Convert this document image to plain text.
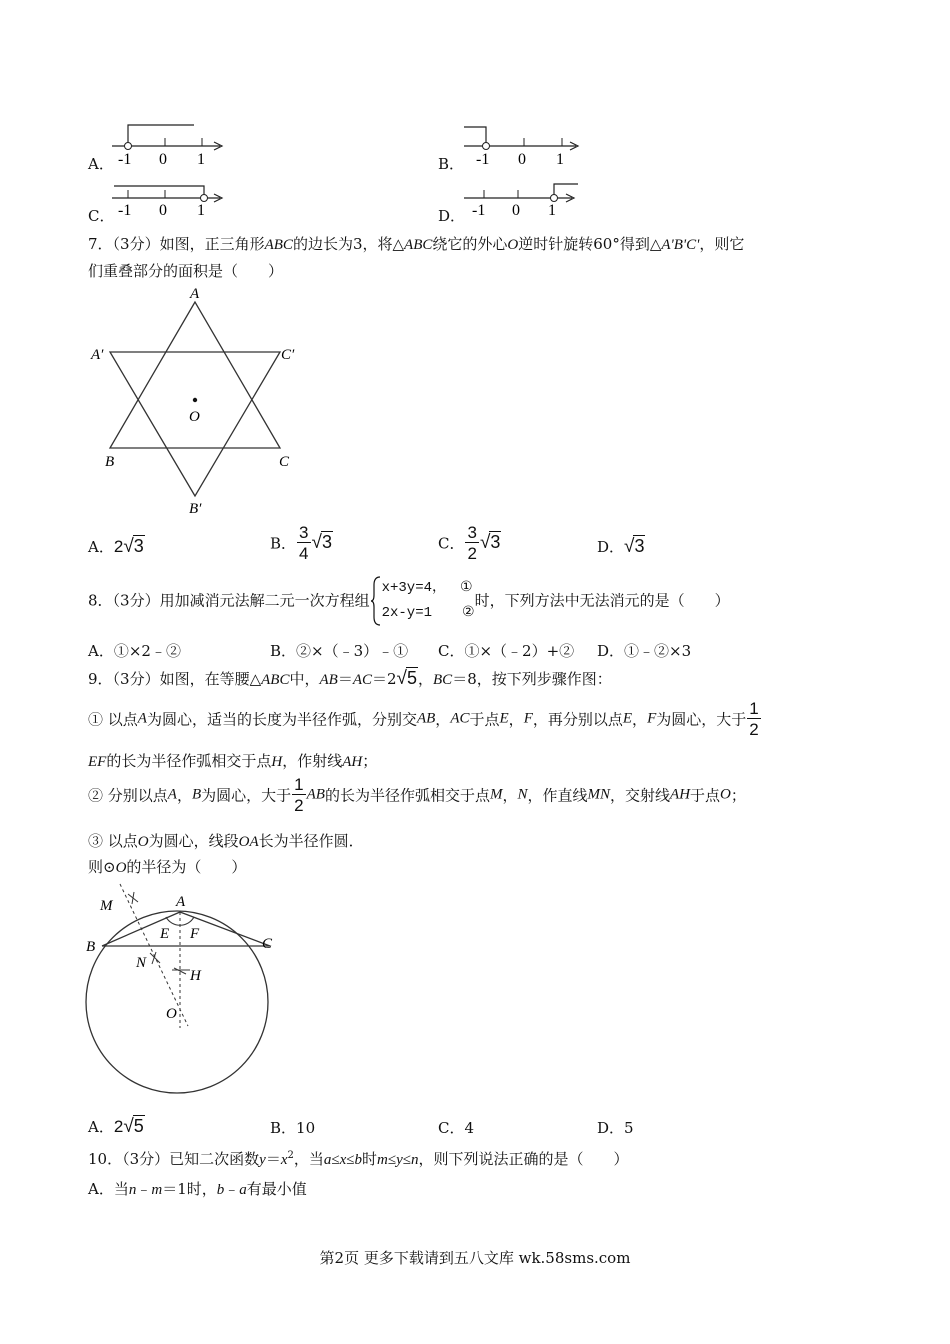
A． -1 0 1	B． -1 0 1
C． -1 0 1	D． -1 0 1
7．（3分）如图，正三角形ABC的边长为3，将△ABC绕它的外心O逆时针旋转60°得到△A'B'C'，则它
们重叠部分的面积是（　　）
A
A′	C′
O
B	C
B′
A．2√3	B． $\frac{3}{4} √3$	C． $\frac{3}{2} √3$	D．√3
8．（3分）用加减消元法解二元一次方程组
x+3y=4， ①
2x-y=1 ②
时，下列方法中无法消元的是（　　）
A．①×2﹣②	B．②×（﹣3）﹣① C．①×（﹣2）+② D．①﹣②×3
9．（3分）如图，在等腰△ABC中，AB＝AC＝2√5，BC＝8，按下列步骤作图：
① 以点A为圆心，适当的长度为半径作弧，分别交AB，AC于点E，F，再分别以点E，F为圆心，大于 $\frac{1}{2}$
EF的长为半径作弧相交于点H，作射线AH；
② 分别以点A，B为圆心，大于 $\frac{1}{2}$ AB的长为半径作弧相交于点M，N，作直线MN，交射线AH于点O；
③ 以点O为圆心，线段OA长为半径作圆．
则⊙O的半径为（　　）
M	A
B	C
E F
N
H
O
A．2√5	B．10	C．4	D．5
10．（3分）已知二次函数$y=x^2$，当a≤x≤b时m≤y≤n，则下列说法正确的是（　　）
A．当n﹣m＝1时，b﹣a有最小值
第2页 更多下载请到五八文库 wk.58sms.com
